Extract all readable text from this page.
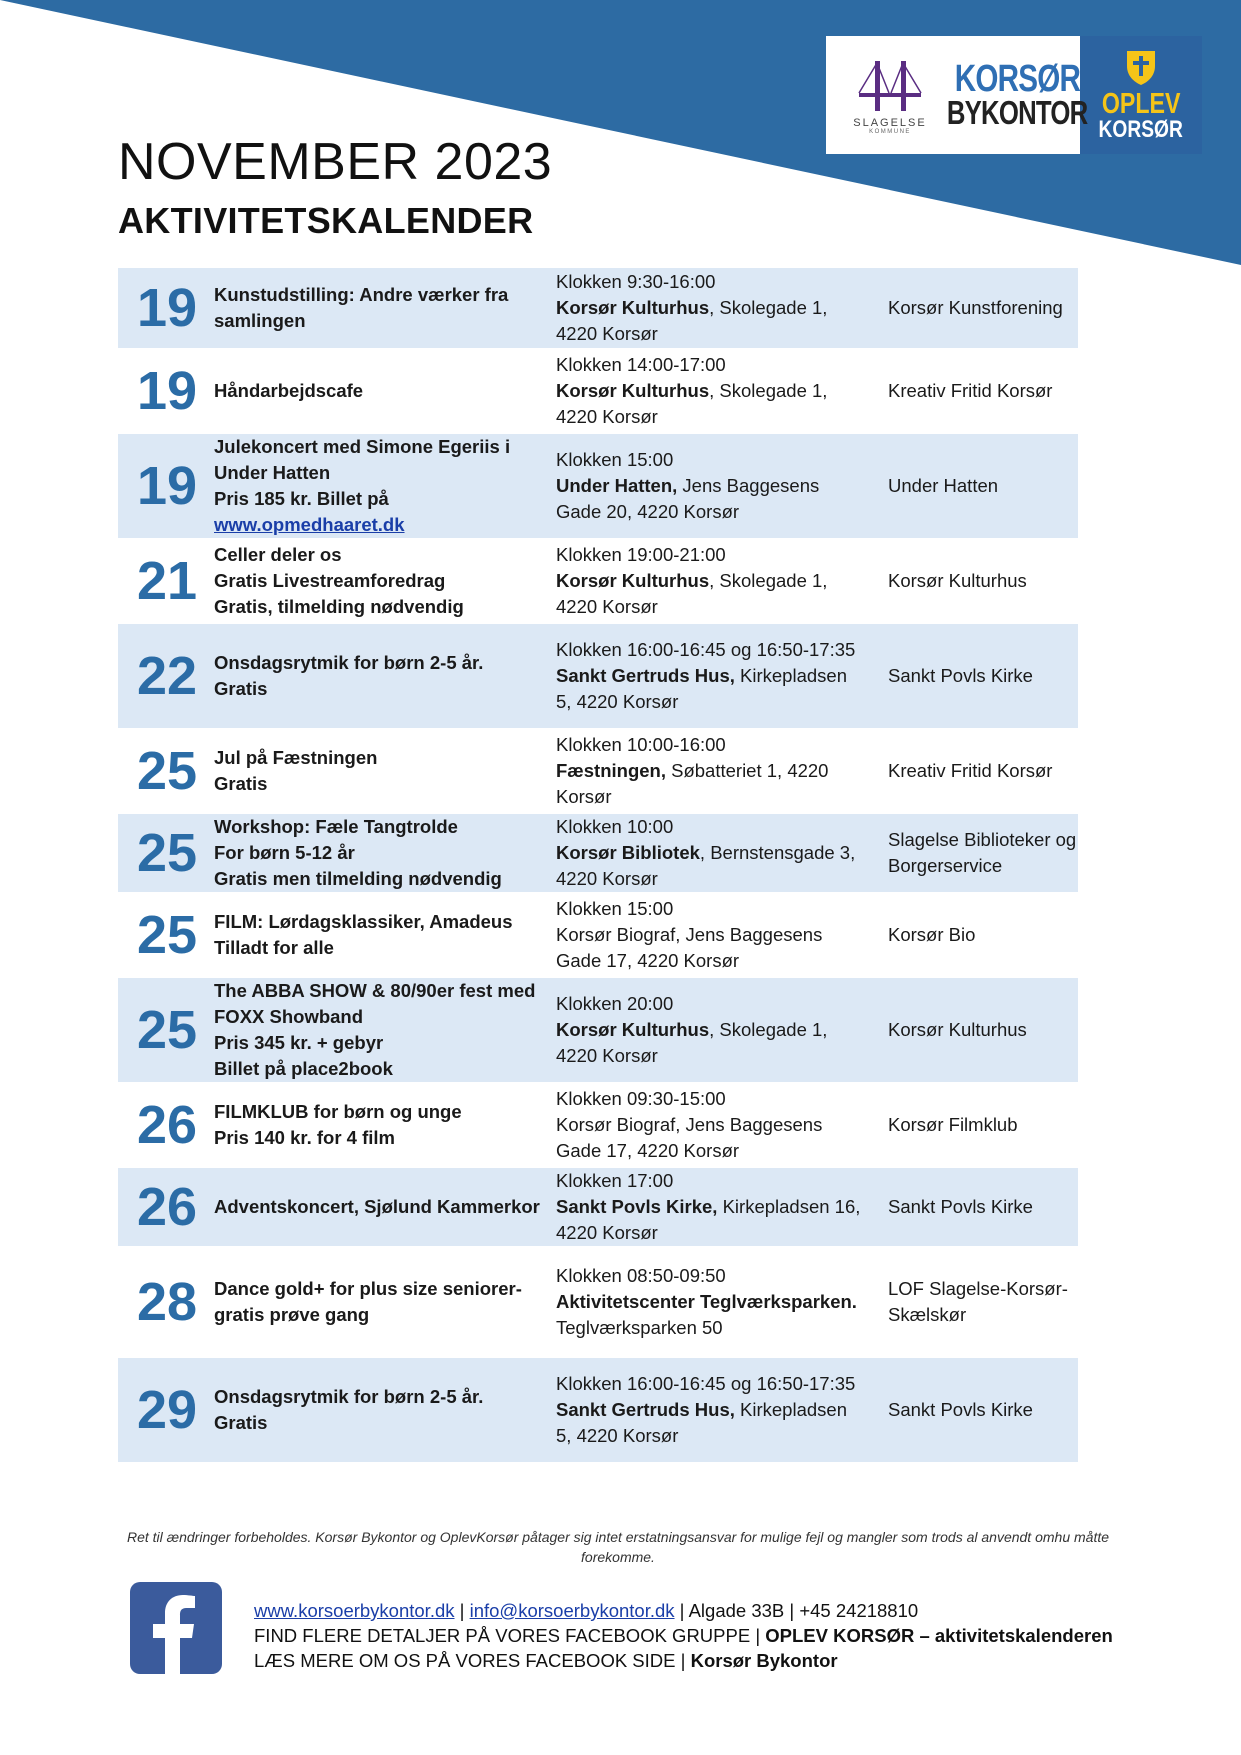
SLAGELSE
KOMMUNE
KORSØR
BYKONTOR OPLEV
KORSØR
NOVEMBER 2023
AKTIVITETSKALENDER
19 Kunstudstilling: Andre værker fra
samlingen
Klokken 9:30-16:00
Korsør Kulturhus, Skolegade 1, 4220 Korsør
Korsør Kunstforening
19 Håndarbejdscafe
Klokken 14:00-17:00
Korsør Kulturhus, Skolegade 1, 4220 Korsør
Kreativ Fritid Korsør
19
Julekoncert med Simone Egeriis i
Under Hatten
Pris 185 kr. Billet på
www.opmedhaaret.dk
Klokken 15:00
Under Hatten, Jens Baggesens Gade 20, 4220 Korsør
Under Hatten
21 Celler deler os
Gratis Livestreamforedrag
Gratis, tilmelding nødvendig
Klokken 19:00-21:00
Korsør Kulturhus, Skolegade 1, 4220 Korsør
Korsør Kulturhus
22 Onsdagsrytmik for børn 2-5 år.
Gratis
Klokken 16:00-16:45 og 16:50-17:35
Sankt Gertruds Hus, Kirkepladsen 5, 4220 Korsør
Sankt Povls Kirke
25 Jul på Fæstningen
Gratis
Klokken 10:00-16:00
Fæstningen, Søbatteriet 1, 4220 Korsør
Kreativ Fritid Korsør
25 Workshop: Fæle Tangtrolde
For børn 5-12 år
Gratis men tilmelding nødvendig
Klokken 10:00
Korsør Bibliotek, Bernstensgade 3, 4220 Korsør
Slagelse Biblioteker og Borgerservice
25 FILM: Lørdagsklassiker, Amadeus
Tilladt for alle
Klokken 15:00
Korsør Biograf, Jens Baggesens Gade 17, 4220 Korsør
Korsør Bio
25
The ABBA SHOW & 80/90er fest med
FOXX Showband
Pris 345 kr. + gebyr
Billet på place2book
Klokken 20:00
Korsør Kulturhus, Skolegade 1, 4220 Korsør
Korsør Kulturhus
26 FILMKLUB for børn og unge
Pris 140 kr. for 4 film
Klokken 09:30-15:00
Korsør Biograf, Jens Baggesens Gade 17, 4220 Korsør
Korsør Filmklub
26 Adventskoncert, Sjølund Kammerkor
Klokken 17:00
Sankt Povls Kirke, Kirkepladsen 16, 4220 Korsør
Sankt Povls Kirke
28 Dance gold+ for plus size seniorer-
gratis prøve gang
Klokken 08:50-09:50
Aktivitetscenter Teglværksparken. Teglværksparken 50
LOF Slagelse-Korsør-Skælskør
29 Onsdagsrytmik for børn 2-5 år.
Gratis
Klokken 16:00-16:45 og 16:50-17:35
Sankt Gertruds Hus, Kirkepladsen 5, 4220 Korsør
Sankt Povls Kirke
Ret til ændringer forbeholdes. Korsør Bykontor og OplevKorsør påtager sig intet erstatningsansvar for mulige fejl og mangler som trods al anvendt omhu måtte forekomme.
www.korsoerbykontor.dk | info@korsoerbykontor.dk | Algade 33B | +45 24218810
FIND FLERE DETALJER PÅ VORES FACEBOOK GRUPPE | OPLEV KORSØR – aktivitetskalenderen
LÆS MERE OM OS PÅ VORES FACEBOOK SIDE | Korsør Bykontor
